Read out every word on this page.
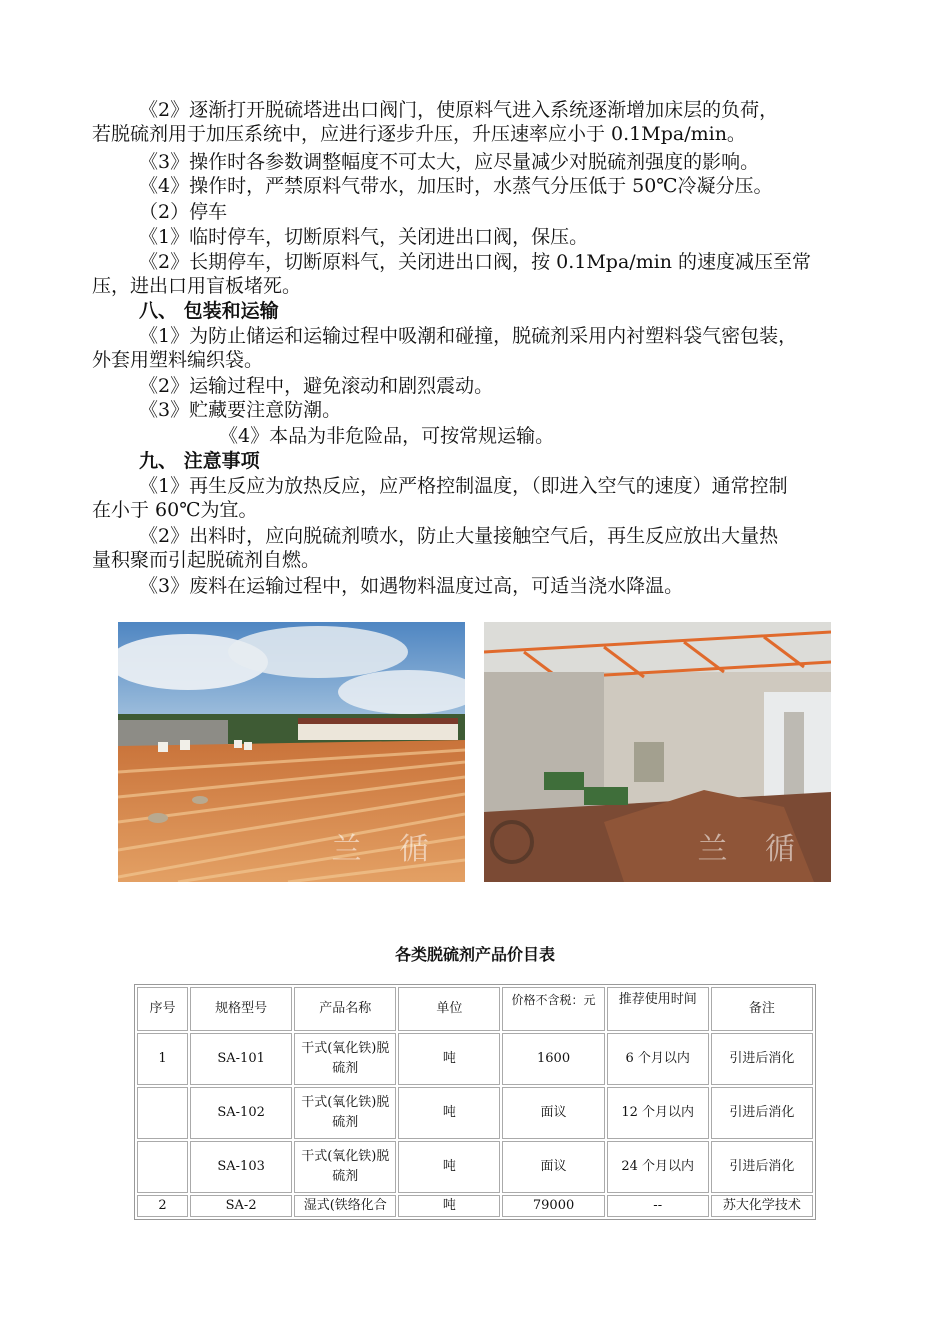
《2》逐渐打开脱硫塔进出口阀门，使原料气进入系统逐渐增加床层的负荷，

若脱硫剂用于加压系统中，应进行逐步升压，升压速率应小于 0.1Mpa/min。

《3》操作时各参数调整幅度不可太大，应尽量减少对脱硫剂强度的影响。

《4》操作时，严禁原料气带水，加压时，水蒸气分压低于 50℃冷凝分压。

（2）停车

《1》临时停车，切断原料气，关闭进出口阀，保压。

《2》长期停车，切断原料气，关闭进出口阀，按 0.1Mpa/min 的速度减压至常

压，进出口用盲板堵死。

八、 包装和运输

《1》为防止储运和运输过程中吸潮和碰撞，脱硫剂采用内衬塑料袋气密包装，

外套用塑料编织袋。

《2》运输过程中，避免滚动和剧烈震动。

《3》贮藏要注意防潮。

《4》本品为非危险品，可按常规运输。

九、 注意事项

《1》再生反应为放热反应，应严格控制温度，（即进入空气的速度）通常控制

在小于 60℃为宜。

《2》出料时，应向脱硫剂喷水，防止大量接触空气后，再生反应放出大量热

量积聚而引起脱硫剂自燃。

《3》废料在运输过程中，如遇物料温度过高，可适当浇水降温。

兰 循	兰 循
各类脱硫剂产品价目表
序号	规格型号	产品名称	单位	价格不含税：元	推荐使用时间	备注
1	SA-101	干式(氧化铁)脱硫剂	吨	1600	6 个月以内	引进后消化
	SA-102	干式(氧化铁)脱硫剂	吨	面议	12 个月以内	引进后消化
	SA-103	干式(氧化铁)脱硫剂	吨	面议	24 个月以内	引进后消化
2	SA-2	湿式(铁络化合	吨	79000	--	苏大化学技术
